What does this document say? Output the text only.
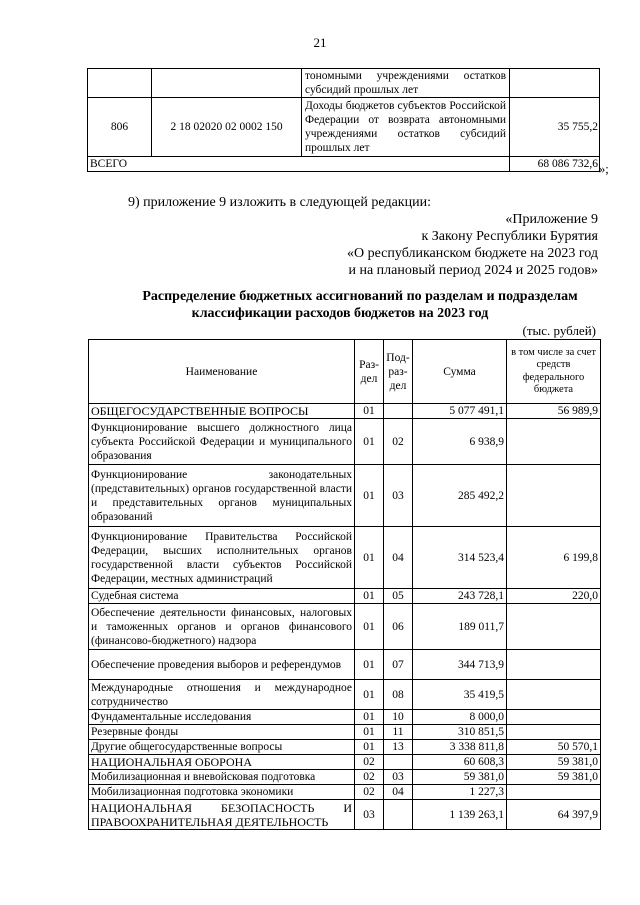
21
		тономными учреждениями остатков субсидий прошлых лет	
806	2 18 02020 02 0002 150	Доходы бюджетов субъектов Российской Федерации от возврата автономными учреждениями остатков субсидий прошлых лет	35 755,2
ВСЕГО			68 086 732,6 »;
9) приложение 9 изложить в следующей редакции:
«Приложение 9
к Закону Республики Бурятия
«О республиканском бюджете на 2023 год
и на плановый период 2024 и 2025 годов»
Распределение бюджетных ассигнований по разделам и подразделам
классификации расходов бюджетов на 2023 год
(тыс. рублей)
Наименование	Раз-дел	Под-раз-дел	Сумма	в том числе за счет средств федерального бюджета
ОБЩЕГОСУДАРСТВЕННЫЕ ВОПРОСЫ	01		5 077 491,1	56 989,9
Функционирование высшего должностного лица субъекта Российской Федерации и муниципального образования	01	02	6 938,9	
Функционирование законодательных (представительных) органов государственной власти и представительных органов муниципальных образований	01	03	285 492,2	
Функционирование Правительства Российской Федерации, высших исполнительных органов государственной власти субъектов Российской Федерации, местных администраций	01	04	314 523,4	6 199,8
Судебная система	01	05	243 728,1	220,0
Обеспечение деятельности финансовых, налоговых и таможенных органов и органов финансового (финансово-бюджетного) надзора	01	06	189 011,7	
Обеспечение проведения выборов и референдумов	01	07	344 713,9	
Международные отношения и международное сотрудничество	01	08	35 419,5	
Фундаментальные исследования	01	10	8 000,0	
Резервные фонды	01	11	310 851,5	
Другие общегосударственные вопросы	01	13	3 338 811,8	50 570,1
НАЦИОНАЛЬНАЯ ОБОРОНА	02		60 608,3	59 381,0
Мобилизационная и вневойсковая подготовка	02	03	59 381,0	59 381,0
Мобилизационная подготовка экономики	02	04	1 227,3	
НАЦИОНАЛЬНАЯ БЕЗОПАСНОСТЬ И ПРАВООХРАНИТЕЛЬНАЯ ДЕЯТЕЛЬНОСТЬ	03		1 139 263,1	64 397,9
